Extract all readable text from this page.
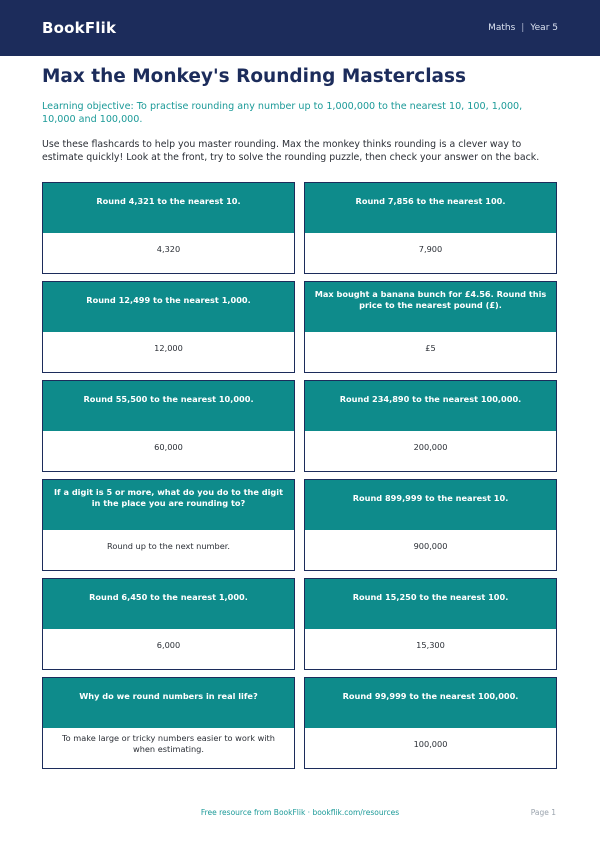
BookFlik	Maths | Year 5
Max the Monkey's Rounding Masterclass

Learning objective: To practise rounding any number up to 1,000,000 to the nearest 10, 100, 1,000, 10,000 and 100,000.

Use these flashcards to help you master rounding. Max the monkey thinks rounding is a clever way to estimate quickly! Look at the front, try to solve the rounding puzzle, then check your answer on the back.

Round 4,321 to the nearest 10.
4,320
Round 7,856 to the nearest 100.
7,900
Round 12,499 to the nearest 1,000.
12,000
Max bought a banana bunch for £4.56. Round this price to the nearest pound (£).
£5
Round 55,500 to the nearest 10,000.
60,000
Round 234,890 to the nearest 100,000.
200,000
If a digit is 5 or more, what do you do to the digit in the place you are rounding to?
Round up to the next number.
Round 899,999 to the nearest 10.
900,000
Round 6,450 to the nearest 1,000.
6,000
Round 15,250 to the nearest 100.
15,300
Why do we round numbers in real life?
To make large or tricky numbers easier to work with when estimating.
Round 99,999 to the nearest 100,000.
100,000
Free resource from BookFlik · bookflik.com/resources	Page 1
